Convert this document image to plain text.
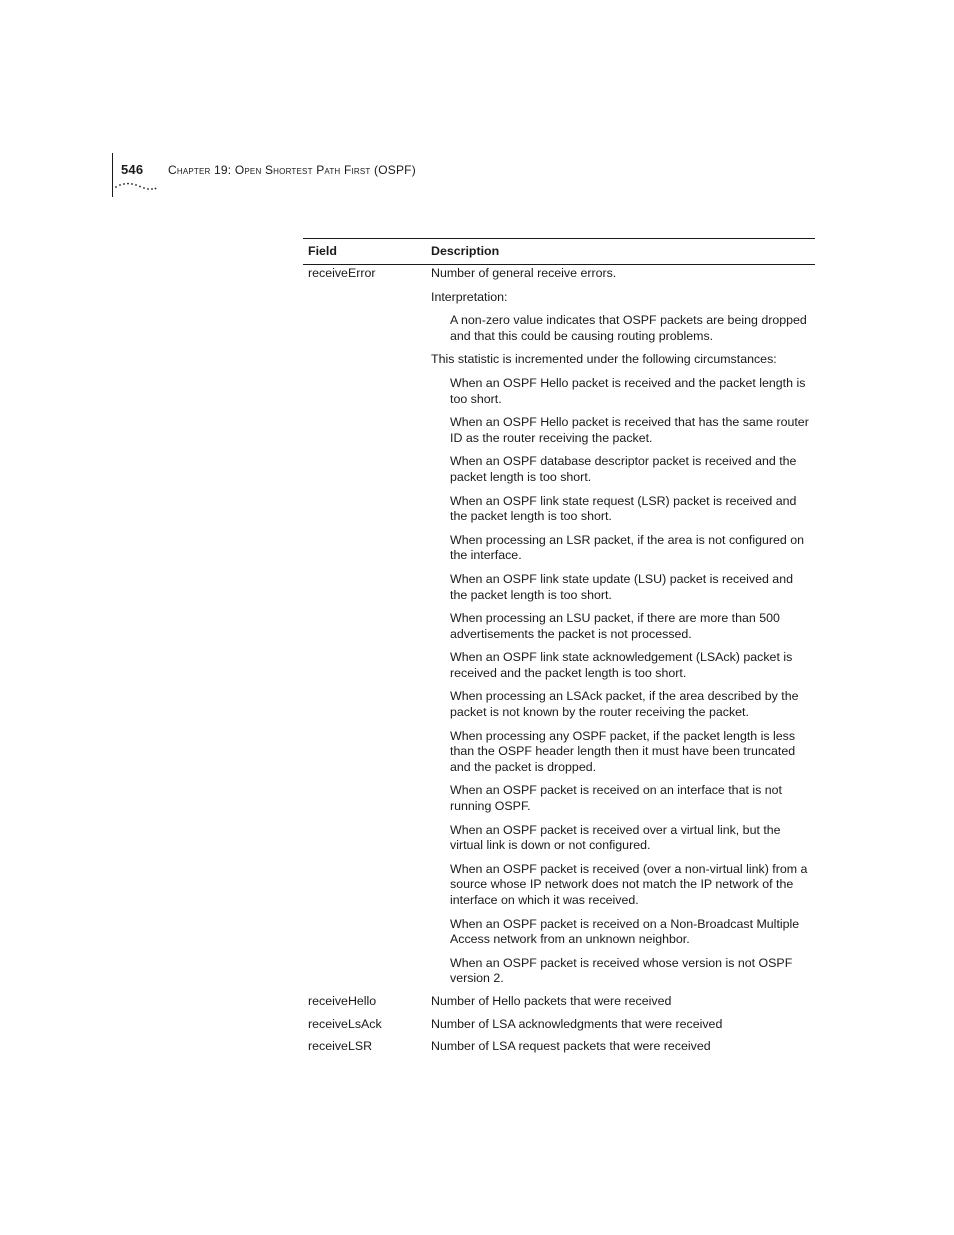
546 Chapter 19: Open Shortest Path First (OSPF)
Field	Description
receiveError	Number of general receive errors.
Interpretation:
A non-zero value indicates that OSPF packets are being dropped and that this could be causing routing problems.
This statistic is incremented under the following circumstances:
When an OSPF Hello packet is received and the packet length is too short.
When an OSPF Hello packet is received that has the same router ID as the router receiving the packet.
When an OSPF database descriptor packet is received and the packet length is too short.
When an OSPF link state request (LSR) packet is received and the packet length is too short.
When processing an LSR packet, if the area is not configured on the interface.
When an OSPF link state update (LSU) packet is received and the packet length is too short.
When processing an LSU packet, if there are more than 500 advertisements the packet is not processed.
When an OSPF link state acknowledgement (LSAck) packet is received and the packet length is too short.
When processing an LSAck packet, if the area described by the packet is not known by the router receiving the packet.
When processing any OSPF packet, if the packet length is less than the OSPF header length then it must have been truncated and the packet is dropped.
When an OSPF packet is received on an interface that is not running OSPF.
When an OSPF packet is received over a virtual link, but the virtual link is down or not configured.
When an OSPF packet is received (over a non-virtual link) from a source whose IP network does not match the IP network of the interface on which it was received.
When an OSPF packet is received on a Non-Broadcast Multiple Access network from an unknown neighbor.
When an OSPF packet is received whose version is not OSPF version 2.
receiveHello	Number of Hello packets that were received
receiveLsAck	Number of LSA acknowledgments that were received
receiveLSR	Number of LSA request packets that were received
